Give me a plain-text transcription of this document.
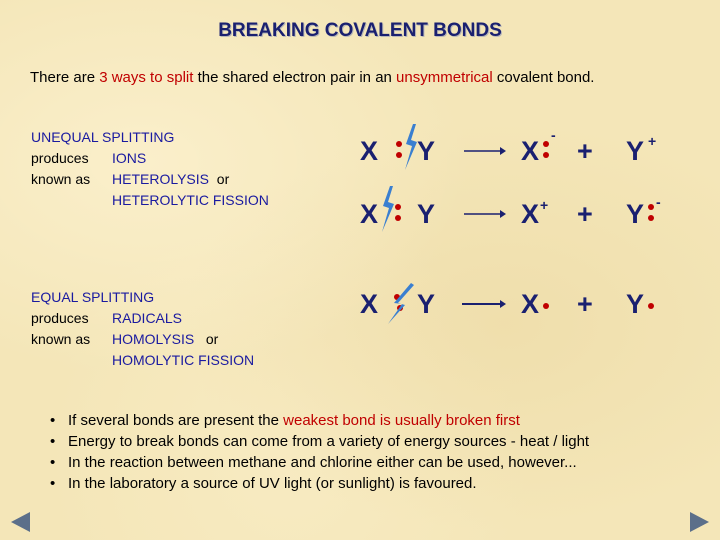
BREAKING COVALENT BONDS
There are 3 ways to split the shared electron pair in an unsymmetrical covalent bond.
UNEQUAL SPLITTING
produces IONS
known as HETEROLYSIS or
HETEROLYTIC FISSION
EQUAL SPLITTING
produces RADICALS
known as HOMOLYSIS or
HOMOLYTIC FISSION
X Y	X
-
+ Y +
X Y	X + + Y -
X Y	X + Y
• If several bonds are present the weakest bond is usually broken first
• Energy to break bonds can come from a variety of energy sources - heat / light
• In the reaction between methane and chlorine either can be used, however...
• In the laboratory a source of UV light (or sunlight) is favoured.
